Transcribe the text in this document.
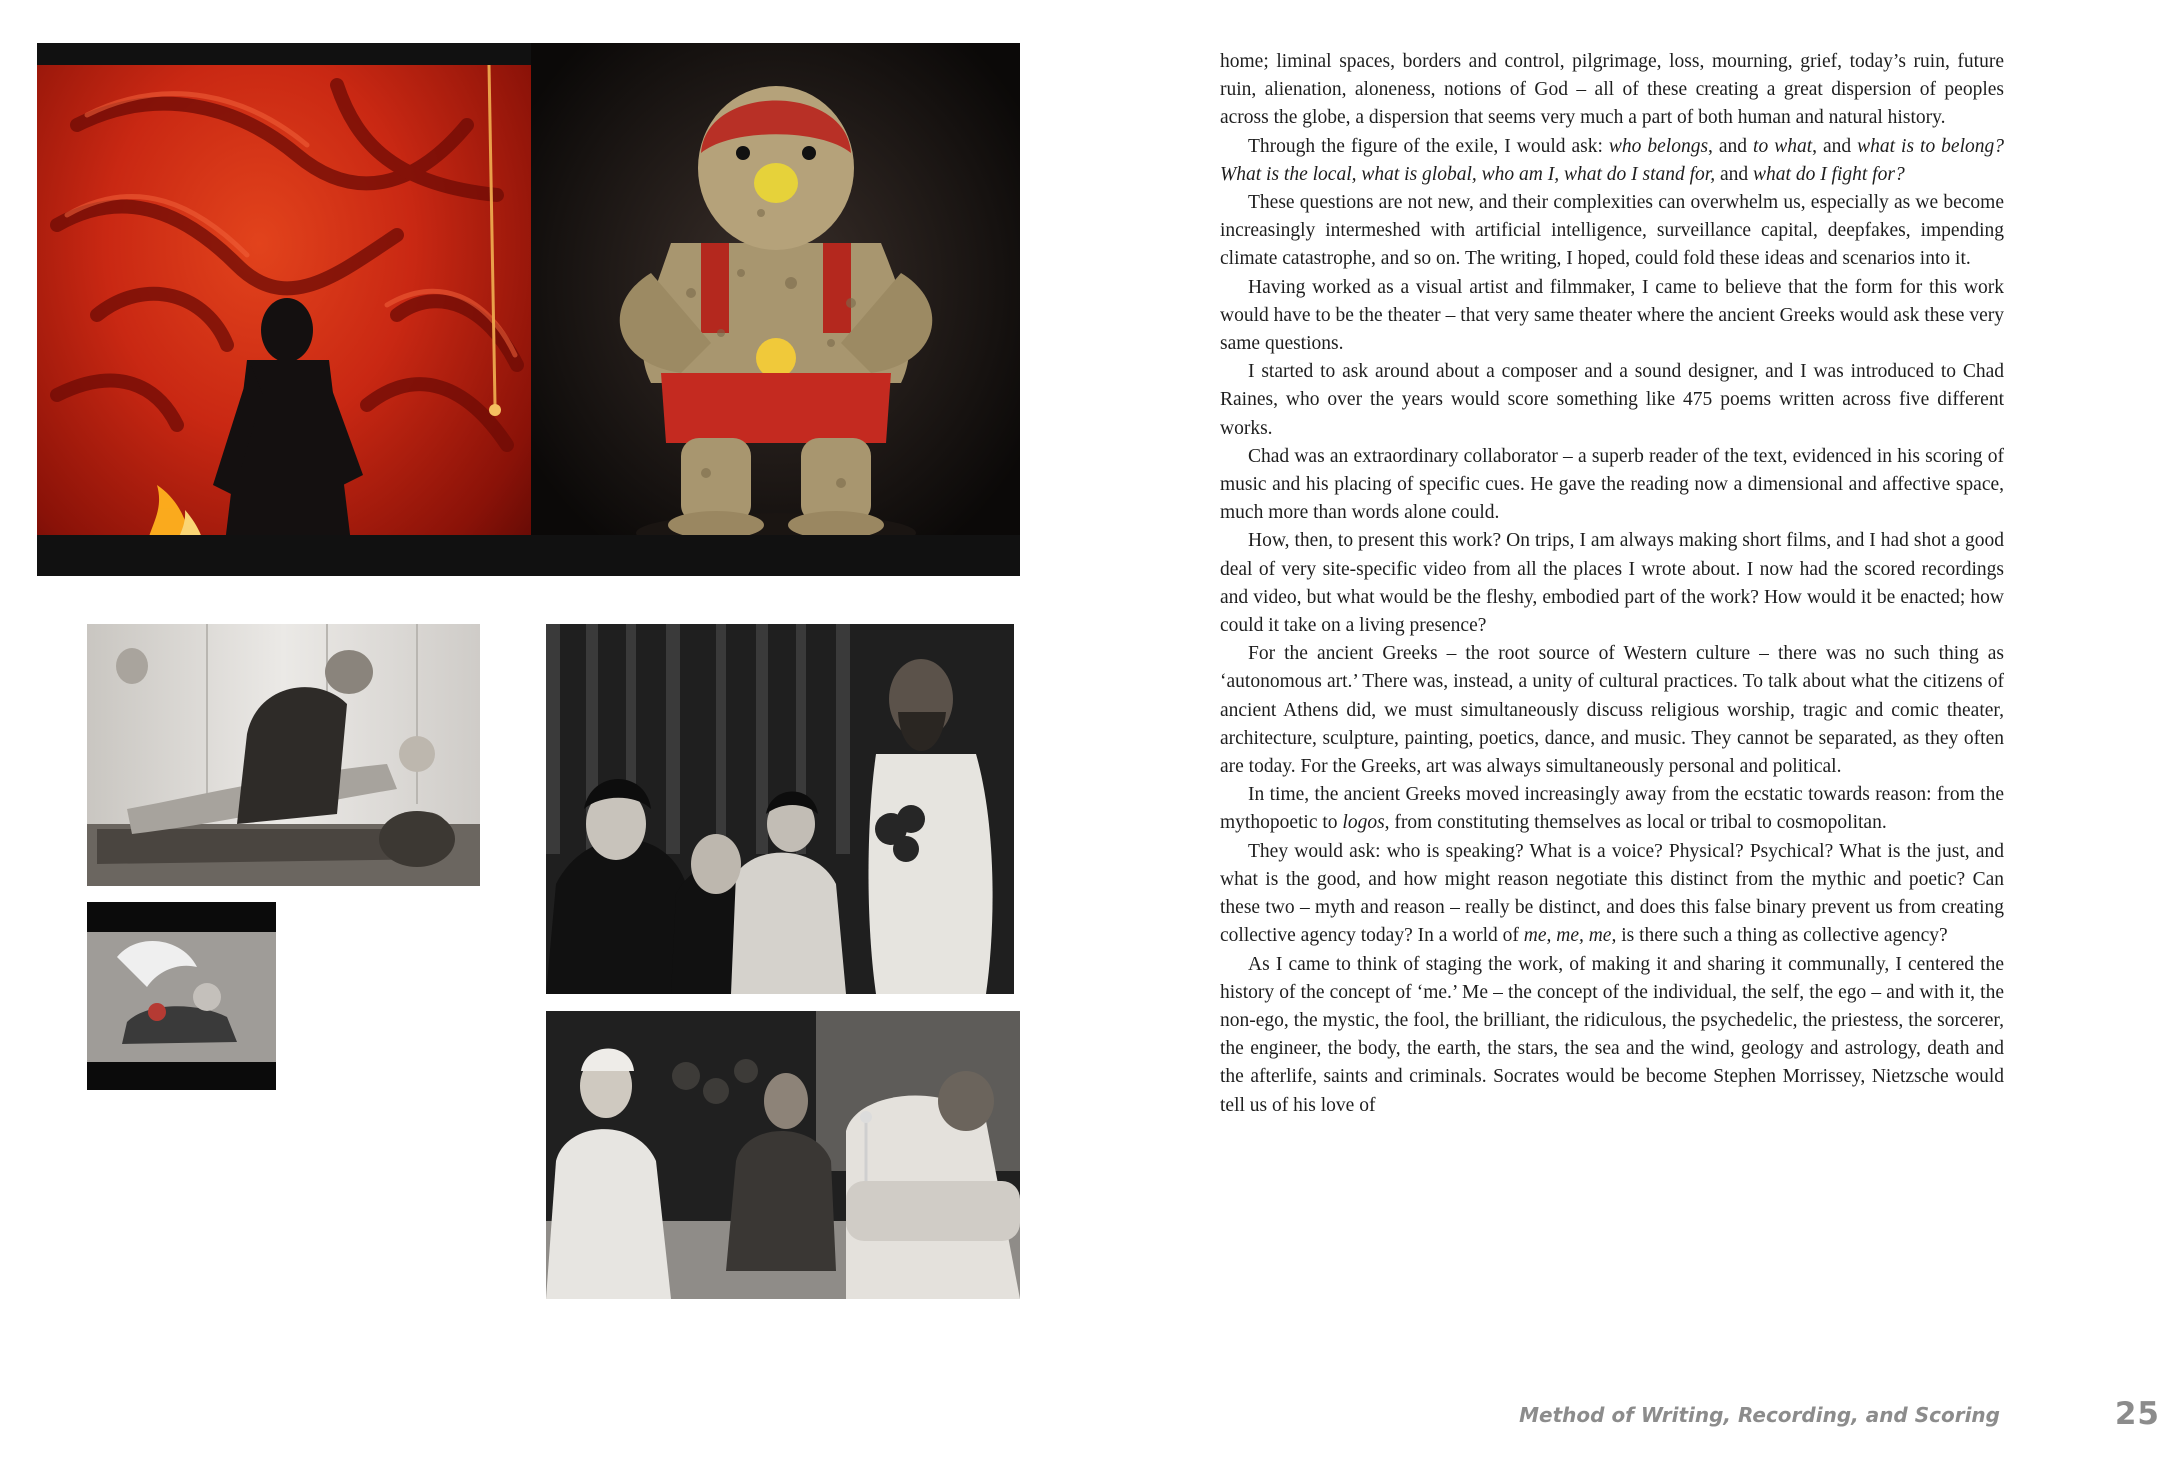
home; liminal spaces, borders and control, pilgrimage, loss, mourning, grief, today’s ruin, future ruin, alienation, aloneness, notions of God – all of these creating a great dispersion of peoples across the globe, a dispersion that seems very much a part of both human and natural history.

Through the figure of the exile, I would ask: who belongs, and to what, and what is to belong? What is the local, what is global, who am I, what do I stand for, and what do I fight for?

These questions are not new, and their complexities can overwhelm us, especially as we become increasingly intermeshed with artificial intelligence, surveillance capital, deepfakes, impending climate catastrophe, and so on. The writing, I hoped, could fold these ideas and scenarios into it.

Having worked as a visual artist and filmmaker, I came to believe that the form for this work would have to be the theater – that very same theater where the ancient Greeks would ask these very same questions.

I started to ask around about a composer and a sound designer, and I was introduced to Chad Raines, who over the years would score something like 475 poems written across five different works.

Chad was an extraordinary collaborator – a superb reader of the text, evidenced in his scoring of music and his placing of specific cues. He gave the reading now a dimensional and affective space, much more than words alone could.

How, then, to present this work? On trips, I am always making short films, and I had shot a good deal of very site-specific video from all the places I wrote about. I now had the scored recordings and video, but what would be the fleshy, embodied part of the work? How would it be enacted; how could it take on a living presence?

For the ancient Greeks – the root source of Western culture – there was no such thing as ‘autonomous art.’ There was, instead, a unity of cultural practices. To talk about what the citizens of ancient Athens did, we must simultaneously discuss religious worship, tragic and comic theater, architecture, sculpture, painting, poetics, dance, and music. They cannot be separated, as they often are today. For the Greeks, art was always simultaneously personal and political.

In time, the ancient Greeks moved increasingly away from the ecstatic towards reason: from the mythopoetic to logos, from constituting themselves as local or tribal to cosmopolitan.

They would ask: who is speaking? What is a voice? Physical? Psychical? What is the just, and what is the good, and how might reason negotiate this distinct from the mythic and poetic? Can these two – myth and reason – really be distinct, and does this false binary prevent us from creating collective agency today? In a world of me, me, me, is there such a thing as collective agency?

As I came to think of staging the work, of making it and sharing it communally, I centered the history of the concept of ‘me.’ Me – the concept of the individual, the self, the ego – and with it, the non-ego, the mystic, the fool, the brilliant, the ridiculous, the psychedelic, the priestess, the sorcerer, the engineer, the body, the earth, the stars, the sea and the wind, geology and astrology, death and the afterlife, saints and criminals. Socrates would be become Stephen Morrissey, Nietzsche would tell us of his love of

Method of Writing, Recording, and Scoring	25
